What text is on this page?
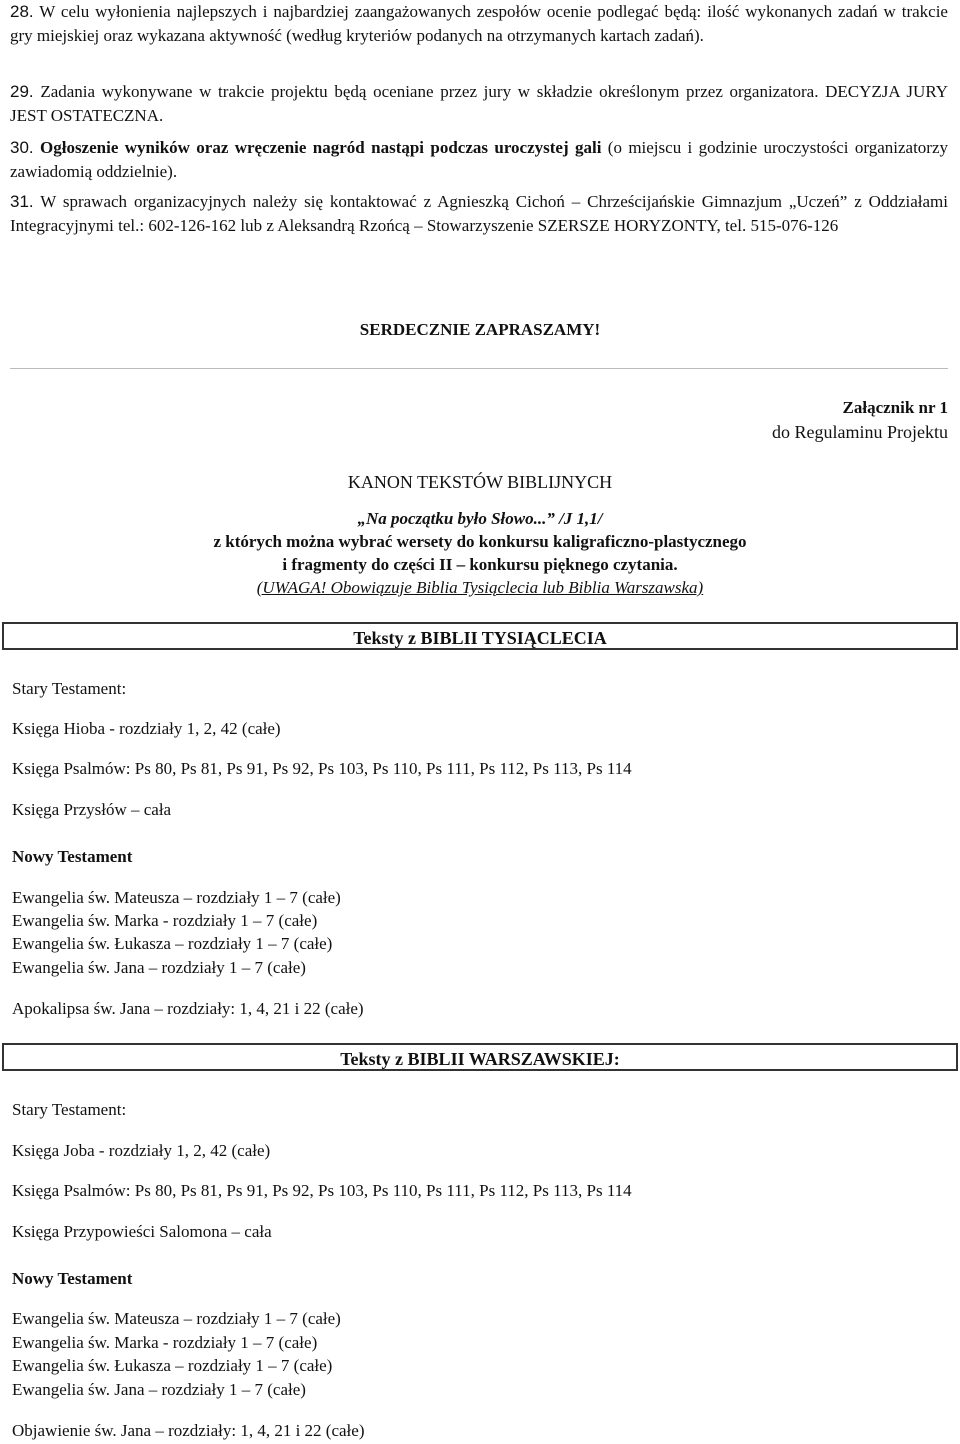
28. W celu wyłonienia najlepszych i najbardziej zaangażowanych zespołów ocenie podlegać będą: ilość wykonanych zadań w trakcie gry miejskiej oraz wykazana aktywność (według kryteriów podanych na otrzymanych kartach zadań).
29. Zadania wykonywane w trakcie projektu będą oceniane przez jury w składzie określonym przez organizatora. DECYZJA JURY JEST OSTATECZNA.
30. Ogłoszenie wyników oraz wręczenie nagród nastąpi podczas uroczystej gali (o miejscu i godzinie uroczystości organizatorzy zawiadomią oddzielnie).
31. W sprawach organizacyjnych należy się kontaktować z Agnieszką Cichoń – Chrześcijańskie Gimnazjum „Uczeń” z Oddziałami Integracyjnymi tel.: 602-126-162 lub z Aleksandrą Rzońcą – Stowarzyszenie SZERSZE HORYZONTY, tel. 515-076-126
SERDECZNIE ZAPRASZAMY!
Załącznik nr 1
do Regulaminu Projektu
KANON TEKSTÓW BIBLIJNYCH
„Na początku było Słowo...” /J 1,1/
z których można wybrać wersety do konkursu kaligraficzno-plastycznego
i fragmenty do części II – konkursu pięknego czytania.
(UWAGA! Obowiązuje Biblia Tysiąclecia lub Biblia Warszawska)
Teksty z BIBLII TYSIĄCLECIA
Stary Testament:
Księga Hioba - rozdziały 1, 2, 42 (całe)
Księga Psalmów: Ps 80, Ps 81, Ps 91, Ps 92, Ps 103, Ps 110, Ps 111, Ps 112, Ps 113, Ps 114
Księga Przysłów – cała
Nowy Testament
Ewangelia św. Mateusza – rozdziały 1 – 7 (całe)
Ewangelia św. Marka - rozdziały 1 – 7 (całe)
Ewangelia św. Łukasza – rozdziały 1 – 7 (całe)
Ewangelia św. Jana – rozdziały 1 – 7 (całe)
Apokalipsa św. Jana – rozdziały: 1, 4, 21 i 22 (całe)
Teksty z BIBLII WARSZAWSKIEJ:
Stary Testament:
Księga Joba - rozdziały 1, 2, 42 (całe)
Księga Psalmów: Ps 80, Ps 81, Ps 91, Ps 92, Ps 103, Ps 110, Ps 111, Ps 112, Ps 113, Ps 114
Księga Przypowieści Salomona – cała
Nowy Testament
Ewangelia św. Mateusza – rozdziały 1 – 7 (całe)
Ewangelia św. Marka - rozdziały 1 – 7 (całe)
Ewangelia św. Łukasza – rozdziały 1 – 7 (całe)
Ewangelia św. Jana – rozdziały 1 – 7 (całe)
Objawienie św. Jana – rozdziały: 1, 4, 21 i 22 (całe)
